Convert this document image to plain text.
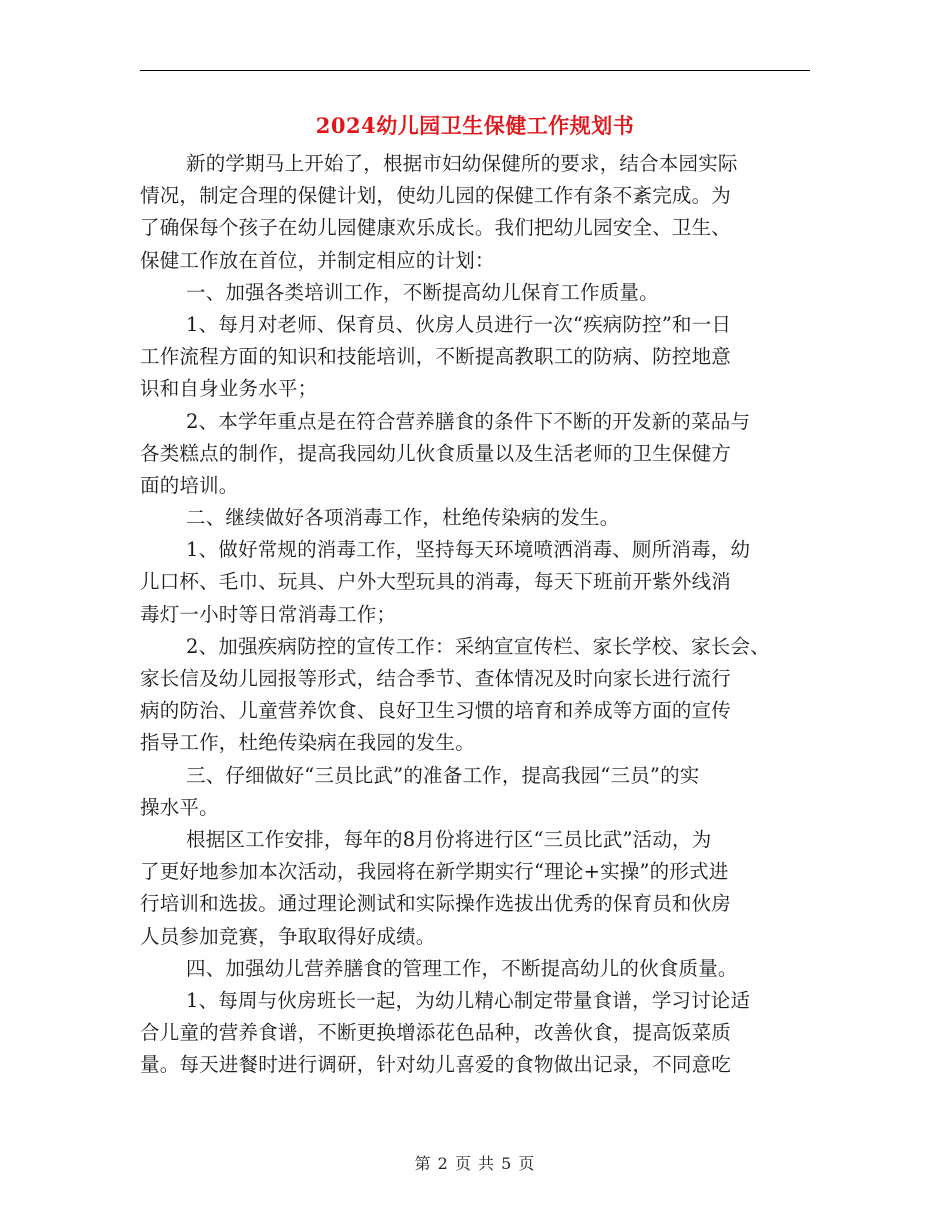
2024幼儿园卫生保健工作规划书
新的学期马上开始了，根据市妇幼保健所的要求，结合本园实际
情况，制定合理的保健计划，使幼儿园的保健工作有条不紊完成。为
了确保每个孩子在幼儿园健康欢乐成长。我们把幼儿园安全、卫生、
保健工作放在首位，并制定相应的计划：
一、加强各类培训工作，不断提高幼儿保育工作质量。
1、每月对老师、保育员、伙房人员进行一次“疾病防控”和一日
工作流程方面的知识和技能培训，不断提高教职工的防病、防控地意
识和自身业务水平；
2、本学年重点是在符合营养膳食的条件下不断的开发新的菜品与
各类糕点的制作，提高我园幼儿伙食质量以及生活老师的卫生保健方
面的培训。
二、继续做好各项消毒工作，杜绝传染病的发生。
1、做好常规的消毒工作，坚持每天环境喷洒消毒、厕所消毒，幼
儿口杯、毛巾、玩具、户外大型玩具的消毒，每天下班前开紫外线消
毒灯一小时等日常消毒工作；
2、加强疾病防控的宣传工作：采纳宣宣传栏、家长学校、家长会、
家长信及幼儿园报等形式，结合季节、查体情况及时向家长进行流行
病的防治、儿童营养饮食、良好卫生习惯的培育和养成等方面的宣传
指导工作，杜绝传染病在我园的发生。
三、仔细做好“三员比武”的准备工作，提高我园“三员”的实
操水平。
根据区工作安排，每年的8月份将进行区“三员比武”活动，为
了更好地参加本次活动，我园将在新学期实行“理论+实操”的形式进
行培训和选拔。通过理论测试和实际操作选拔出优秀的保育员和伙房
人员参加竞赛，争取取得好成绩。
四、加强幼儿营养膳食的管理工作，不断提高幼儿的伙食质量。
1、每周与伙房班长一起，为幼儿精心制定带量食谱，学习讨论适
合儿童的营养食谱，不断更换增添花色品种，改善伙食，提高饭菜质
量。每天进餐时进行调研，针对幼儿喜爱的食物做出记录，不同意吃
第 2 页 共 5 页
